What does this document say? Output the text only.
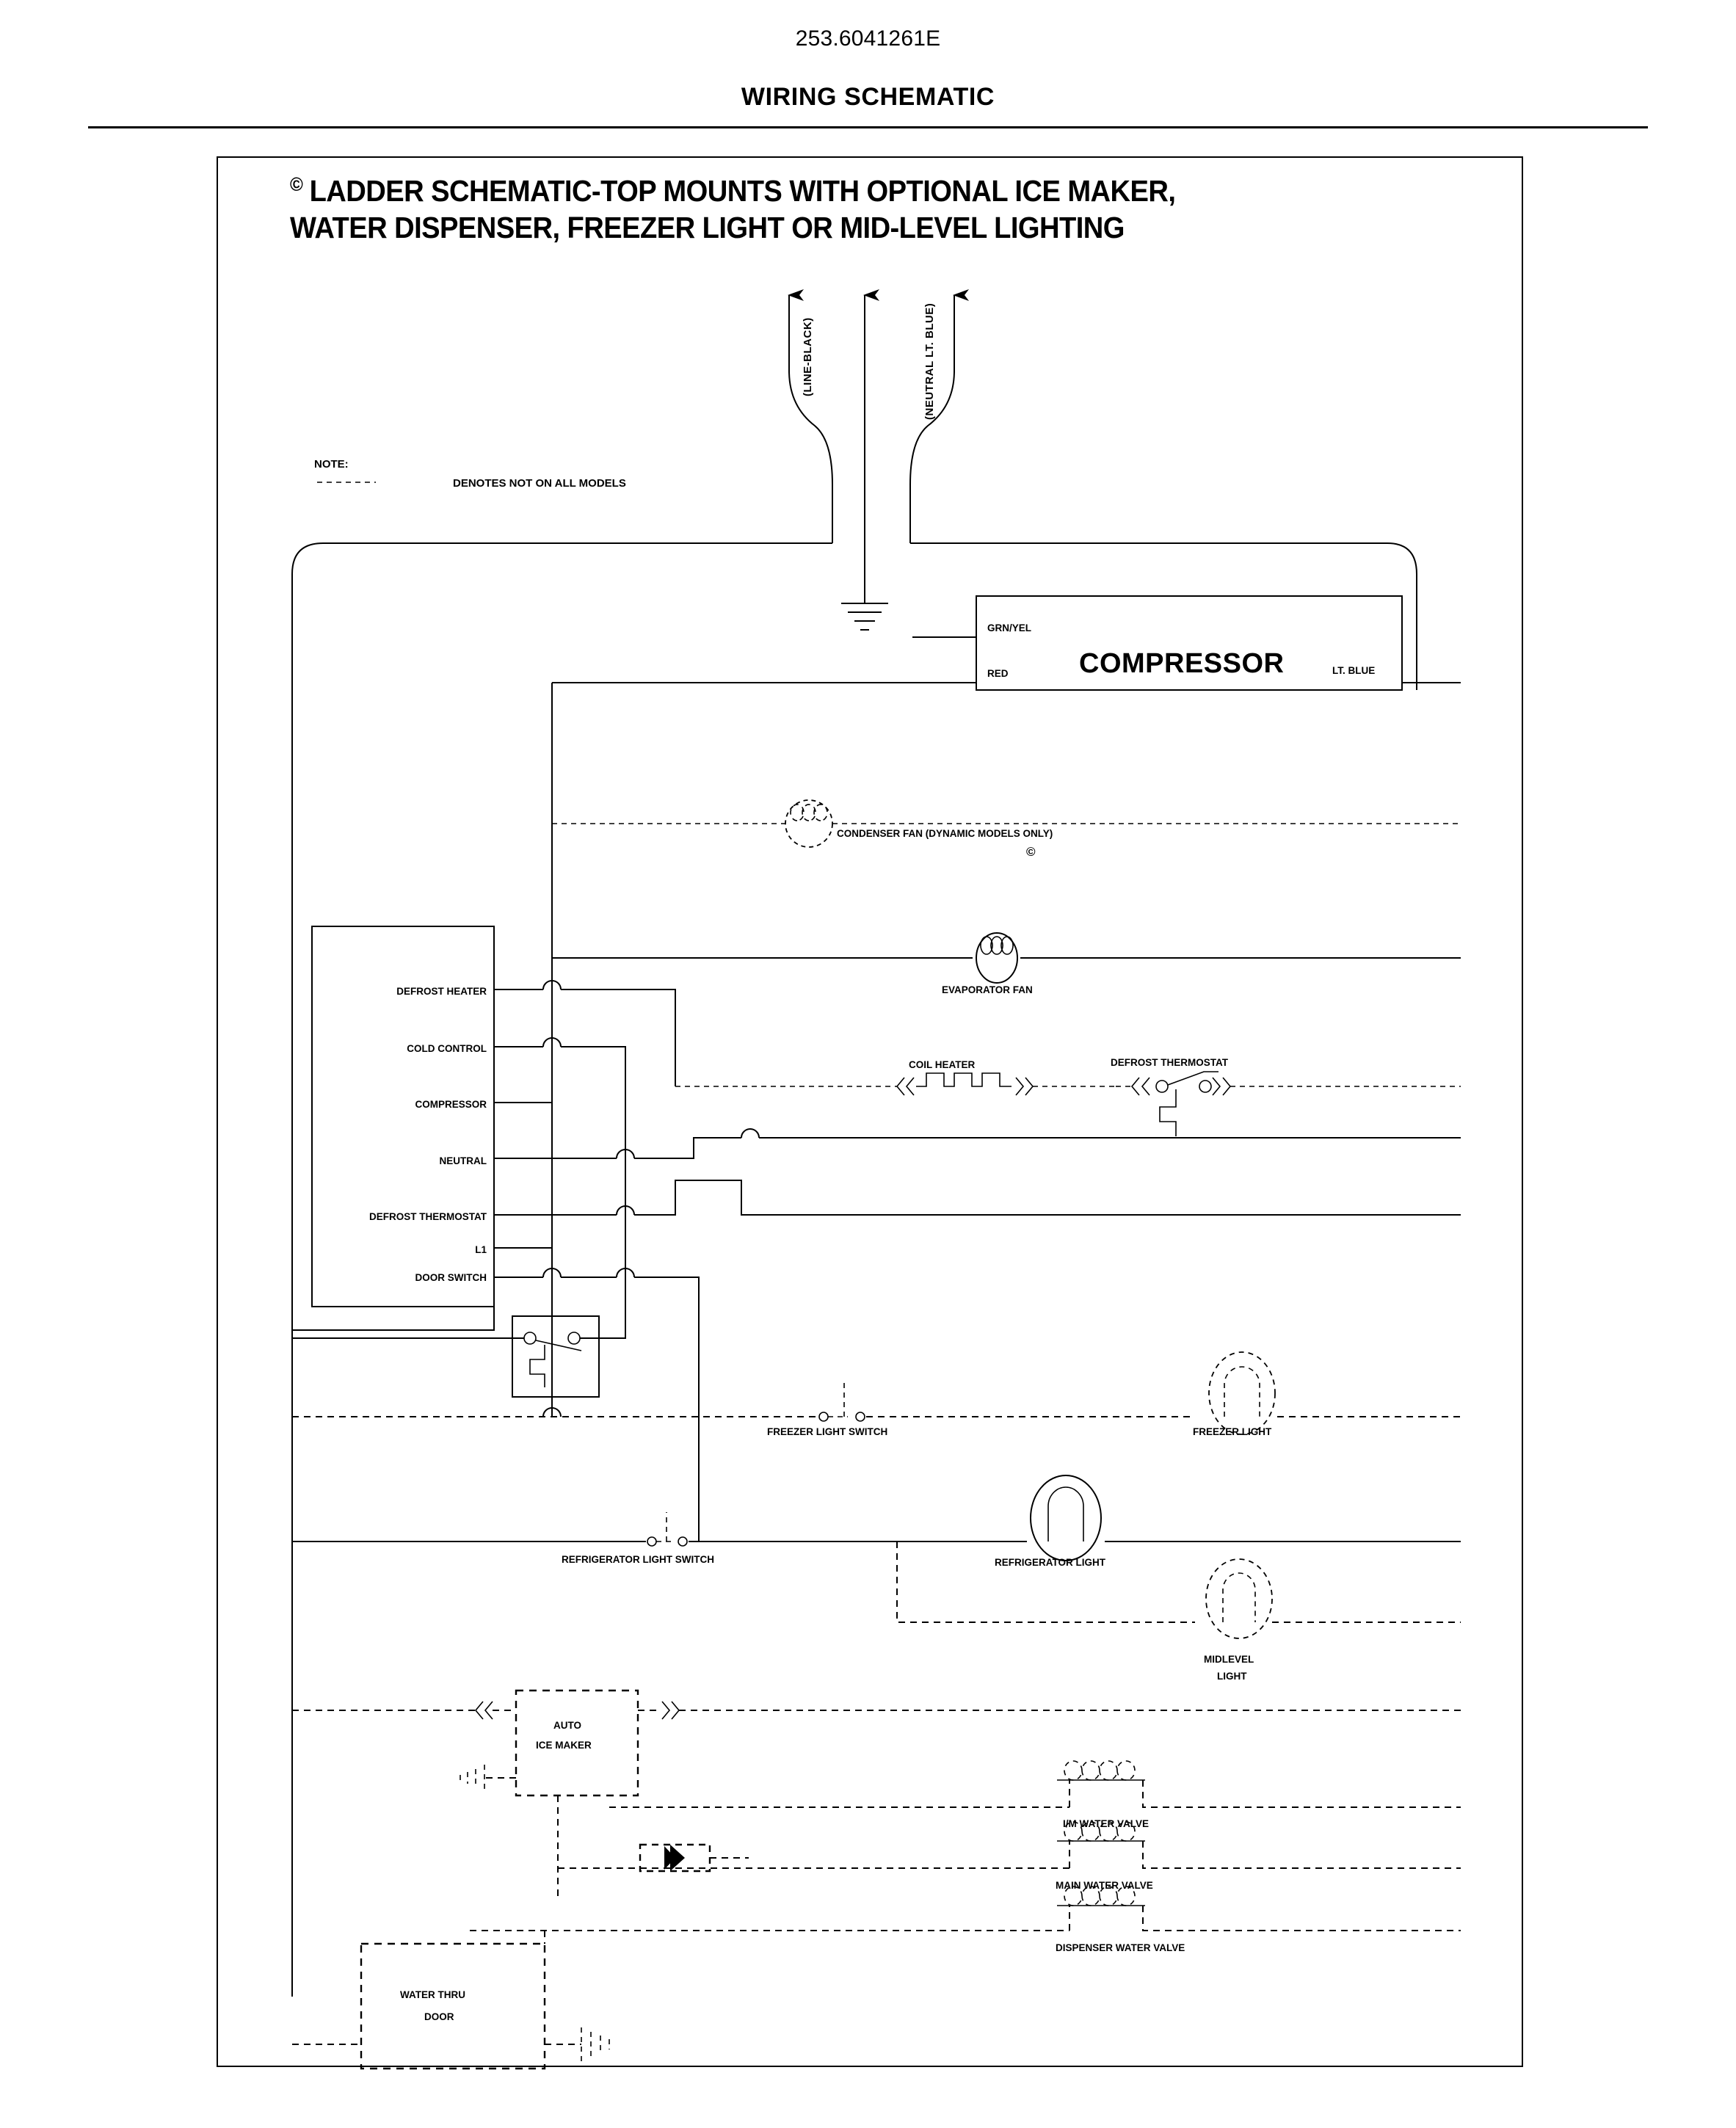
253.6041261E
WIRING SCHEMATIC
© LADDER SCHEMATIC-TOP MOUNTS WITH OPTIONAL ICE MAKER,
WATER DISPENSER, FREEZER LIGHT OR MID-LEVEL LIGHTING
(LINE-BLACK)	(NEUTRAL LT. BLUE)
NOTE:
DENOTES NOT ON ALL MODELS
COMPRESSOR
GRN/YEL
RED	LT. BLUE
CONDENSER FAN (DYNAMIC MODELS ONLY)
©
EVAPORATOR FAN
DEFROST HEATER
COLD CONTROL
COMPRESSOR
NEUTRAL
DEFROST THERMOSTAT
L1
DOOR SWITCH
COIL HEATER	DEFROST THERMOSTAT
FREEZER LIGHT SWITCH	FREEZER LIGHT
REFRIGERATOR LIGHT SWITCH	REFRIGERATOR LIGHT
MIDLEVEL
LIGHT
AUTO
ICE MAKER
I/M WATER VALVE
MAIN WATER VALVE
DISPENSER WATER VALVE
WATER THRU
DOOR
